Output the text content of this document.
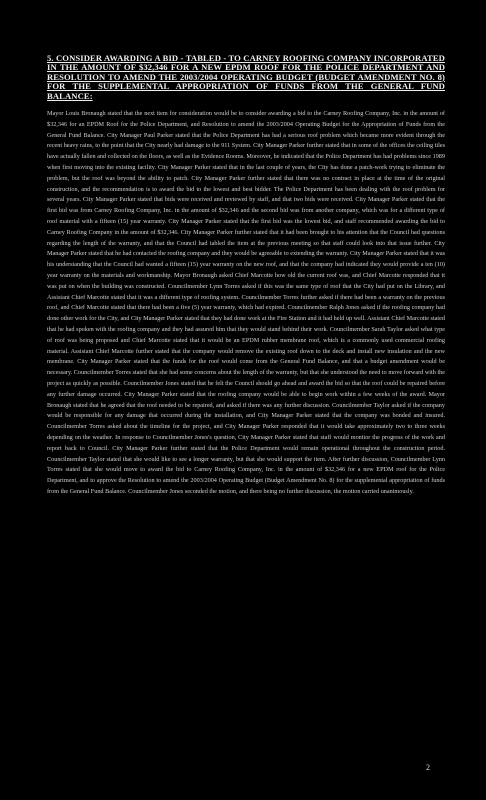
5. CONSIDER AWARDING A BID - TABLED - TO CARNEY ROOFING COMPANY INCORPORATED IN THE AMOUNT OF $32,346 FOR A NEW EPDM ROOF FOR THE POLICE DEPARTMENT AND RESOLUTION TO AMEND THE 2003/2004 OPERATING BUDGET (BUDGET AMENDMENT NO. 8) FOR THE SUPPLEMENTAL APPROPRIATION OF FUNDS FROM THE GENERAL FUND BALANCE:
Mayor Louis Bronaugh stated that the next item for consideration would be to consider awarding a bid to the Carney Roofing Company, Inc. in the amount of $32,346 for an EPDM Roof for the Police Department, and Resolution to amend the 2003/2004 Operating Budget for the Appropriation of Funds from the General Fund Balance. City Manager Paul Parker stated that the Police Department has had a serious roof problem which became more evident through the recent heavy rains, to the point that the City nearly had damage to the 911 System. City Manager Parker further stated that in some of the offices the ceiling tiles have actually fallen and collected on the floors, as well as the Evidence Rooms. Moreover, he indicated that the Police Department has had problems since 1989 when first moving into the existing facility. City Manager Parker stated that in the last couple of years, the City has done a patch-work trying to eliminate the problem, but the roof was beyond the ability to patch. City Manager Parker further stated that there was no contract in place at the time of the original construction, and the recommendation is to award the bid to the lowest and best bidder. The Police Department has been dealing with the roof problem for several years. City Manager Parker stated that bids were received and reviewed by staff, and that two bids were received. City Manager Parker stated that the first bid was from Carney Roofing Company, Inc. in the amount of $32,346 and the second bid was from another company, which was for a different type of roof material with a fifteen (15) year warranty. City Manager Parker stated that the first bid was the lowest bid, and staff recommended awarding the bid to Carney Roofing Company in the amount of $32,346. City Manager Parker further stated that it had been brought to his attention that the Council had questions regarding the length of the warranty, and that the Council had tabled the item at the previous meeting so that staff could look into that issue further. City Manager Parker stated that he had contacted the roofing company and they would be agreeable to extending the warranty. City Manager Parker stated that it was his understanding that the Council had wanted a fifteen (15) year warranty on the new roof, and that the company had indicated they would provide a ten (10) year warranty on the materials and workmanship. Mayor Bronaugh asked Chief Marcotte how old the current roof was, and Chief Marcotte responded that it was put on when the building was constructed. Councilmember Lynn Torres asked if this was the same type of roof that the City had put on the Library, and Assistant Chief Marcotte stated that it was a different type of roofing system. Councilmember Torres further asked if there had been a warranty on the previous roof, and Chief Marcotte stated that there had been a five (5) year warranty, which had expired. Councilmember Ralph Jones asked if the roofing company had done other work for the City, and City Manager Parker stated that they had done work at the Fire Station and it had held up well. Assistant Chief Marcotte stated that he had spoken with the roofing company and they had assured him that they would stand behind their work. Councilmember Sarah Taylor asked what type of roof was being proposed and Chief Marcotte stated that it would be an EPDM rubber membrane roof, which is a commonly used commercial roofing material. Assistant Chief Marcotte further stated that the company would remove the existing roof down to the deck and install new insulation and the new membrane. City Manager Parker stated that the funds for the roof would come from the General Fund Balance, and that a budget amendment would be necessary. Councilmember Torres stated that she had some concerns about the length of the warranty, but that she understood the need to move forward with the project as quickly as possible. Councilmember Jones stated that he felt the Council should go ahead and award the bid so that the roof could be repaired before any further damage occurred. City Manager Parker stated that the roofing company would be able to begin work within a few weeks of the award. Mayor Bronaugh stated that he agreed that the roof needed to be repaired, and asked if there was any further discussion. Councilmember Taylor asked if the company would be responsible for any damage that occurred during the installation, and City Manager Parker stated that the company was bonded and insured. Councilmember Torres asked about the timeline for the project, and City Manager Parker responded that it would take approximately two to three weeks depending on the weather. In response to Councilmember Jones's question, City Manager Parker stated that staff would monitor the progress of the work and report back to Council. City Manager Parker further stated that the Police Department would remain operational throughout the construction period. Councilmember Taylor stated that she would like to see a longer warranty, but that she would support the item. After further discussion, Councilmember Lynn Torres stated that she would move to award the bid to Carney Roofing Company, Inc. in the amount of $32,346 for a new EPDM roof for the Police Department, and to approve the Resolution to amend the 2003/2004 Operating Budget (Budget Amendment No. 8) for the supplemental appropriation of funds from the General Fund Balance. Councilmember Jones seconded the motion, and there being no further discussion, the motion carried unanimously.
2
